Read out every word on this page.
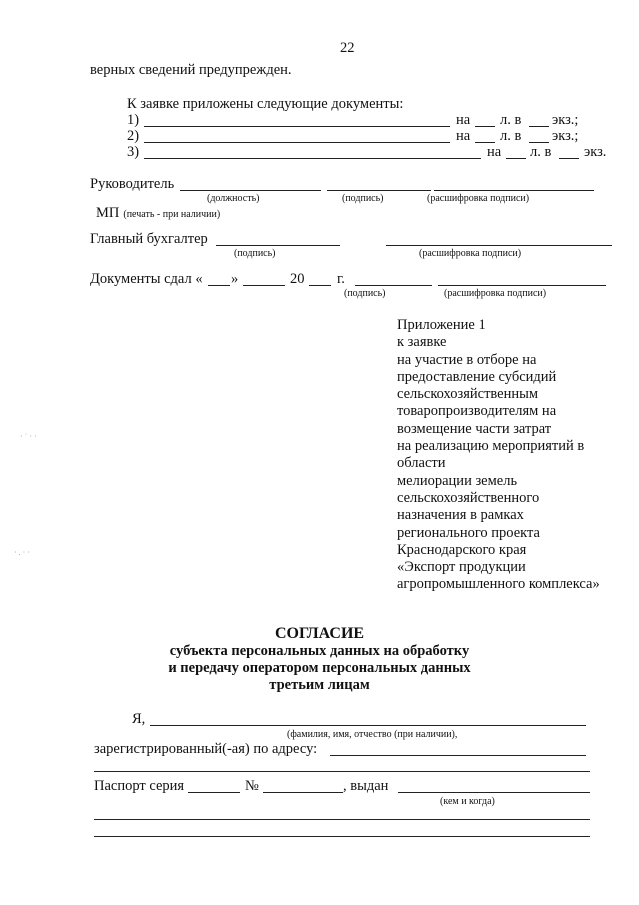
22
верных сведений предупрежден.
К заявке приложены следующие документы:
1)	на л. в экз.;
2)	на л. в экз.;
3)	на л. в экз.
Руководитель
(должность)	(подпись)	(расшифровка подписи)
МП (печать - при наличии)
Главный бухгалтер
(подпись)	(расшифровка подписи)
Документы сдал « »	20 г.
(подпись)	(расшифровка подписи)
Приложение 1
к заявке
на участие в отборе на
предоставление субсидий
сельскохозяйственным
товаропроизводителям на
возмещение части затрат
на реализацию мероприятий в
области
мелиорации земель
сельскохозяйственного
назначения в рамках
регионального проекта
Краснодарского края
«Экспорт продукции
агропромышленного комплекса»
· ˙ · ·
· . · ·
СОГЛАСИЕ
субъекта персональных данных на обработку
и передачу оператором персональных данных
третьим лицам
Я,
(фамилия, имя, отчество (при наличии),
зарегистрированный(-ая) по адресу:
Паспорт серия	№	, выдан
(кем и когда)
